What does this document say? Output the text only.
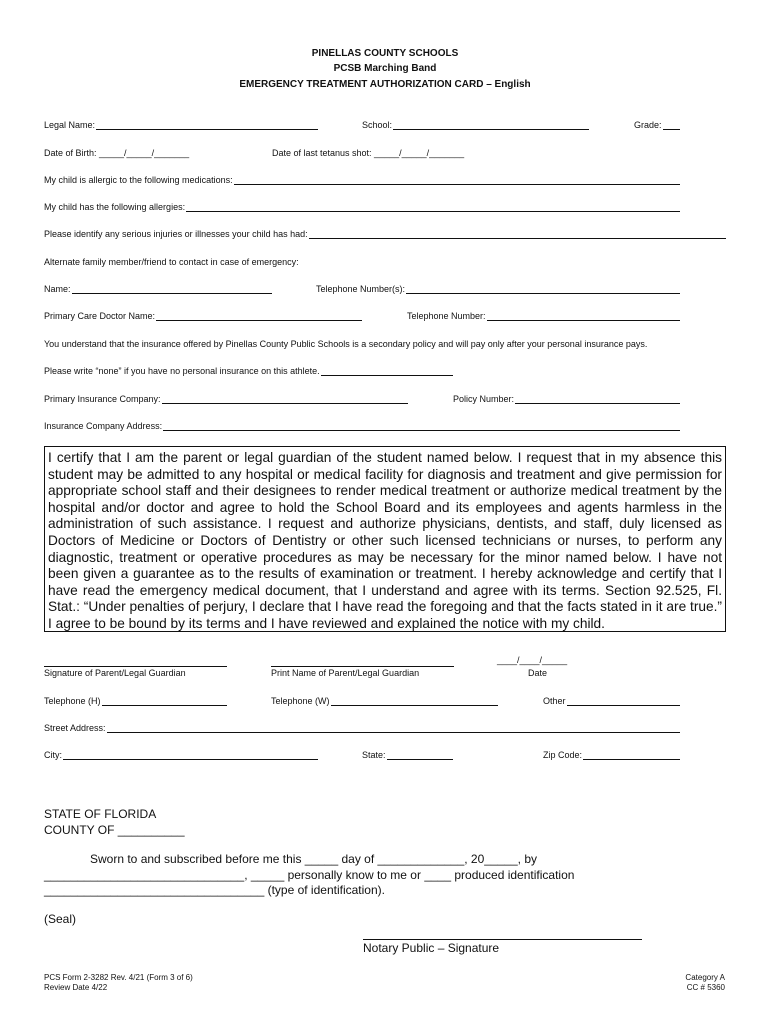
PINELLAS COUNTY SCHOOLS
PCSB Marching Band
EMERGENCY TREATMENT AUTHORIZATION CARD – English
Legal Name:	School:	Grade:
Date of Birth: _____/_____/_______	Date of last tetanus shot: _____/_____/_______
My child is allergic to the following medications:
My child has the following allergies:
Please identify any serious injuries or illnesses your child has had:
Alternate family member/friend to contact in case of emergency:
Name:	Telephone Number(s):
Primary Care Doctor Name:	Telephone Number:
You understand that the insurance offered by Pinellas County Public Schools is a secondary policy and will pay only after your personal insurance pays.
Please write “none” if you have no personal insurance on this athlete.
Primary Insurance Company:	Policy Number:
Insurance Company Address:
I certify that I am the parent or legal guardian of the student named below. I request that in my absence this student may be admitted to any hospital or medical facility for diagnosis and treatment and give permission for appropriate school staff and their designees to render medical treatment or authorize medical treatment by the hospital and/or doctor and agree to hold the School Board and its employees and agents harmless in the administration of such assistance. I request and authorize physicians, dentists, and staff, duly licensed as Doctors of Medicine or Doctors of Dentistry or other such licensed technicians or nurses, to perform any diagnostic, treatment or operative procedures as may be necessary for the minor named below. I have not been given a guarantee as to the results of examination or treatment. I hereby acknowledge and certify that I have read the emergency medical document, that I understand and agree with its terms. Section 92.525, Fl. Stat.: “Under penalties of perjury, I declare that I have read the foregoing and that the facts stated in it are true.” I agree to be bound by its terms and I have reviewed and explained the notice with my child.
Signature of Parent/Legal Guardian	Print Name of Parent/Legal Guardian
____/____/_____
Date
Telephone (H)	Telephone (W)	Other
Street Address:
City:	State:	Zip Code:
STATE OF FLORIDA
COUNTY OF __________
Sworn to and subscribed before me this _____ day of _____________, 20_____, by
______________________________, _____ personally know to me or ____ produced identification
_________________________________ (type of identification).
(Seal)
Notary Public – Signature
PCS Form 2-3282 Rev. 4/21 (Form 3 of 6)
Review Date 4/22
Category A
CC # 5360
